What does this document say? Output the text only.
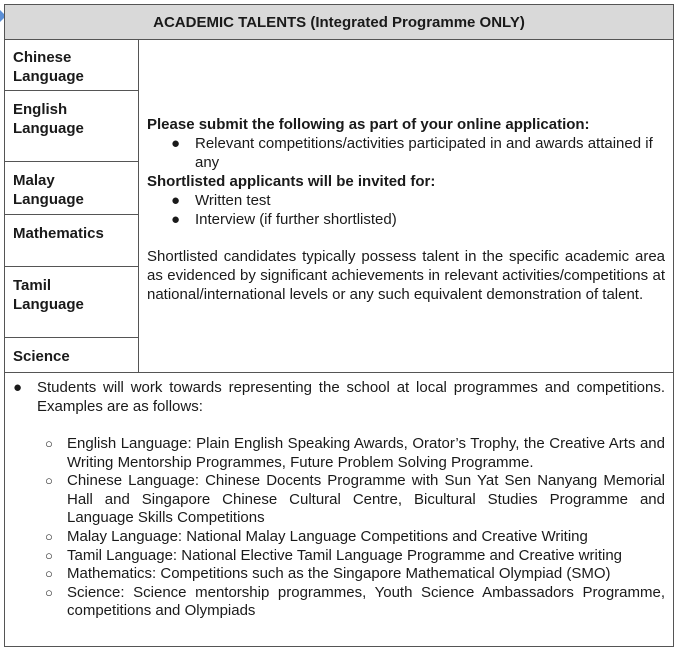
ACADEMIC TALENTS (Integrated Programme ONLY)
Chinese
Language
English
Language
Malay
Language
Mathematics
Tamil
Language
Science
Please submit the following as part of your online application:
● Relevant competitions/activities participated in and awards attained if any
Shortlisted applicants will be invited for:
● Written test
● Interview (if further shortlisted)
Shortlisted candidates typically possess talent in the specific academic area as evidenced by significant achievements in relevant activities/competitions at national/international levels or any such equivalent demonstration of talent.
● Students will work towards representing the school at local programmes and competitions. Examples are as follows:
○ English Language: Plain English Speaking Awards, Orator’s Trophy, the Creative Arts and Writing Mentorship Programmes, Future Problem Solving Programme.
○ Chinese Language: Chinese Docents Programme with Sun Yat Sen Nanyang Memorial Hall and Singapore Chinese Cultural Centre, Bicultural Studies Programme and Language Skills Competitions
○ Malay Language: National Malay Language Competitions and Creative Writing
○ Tamil Language: National Elective Tamil Language Programme and Creative writing
○ Mathematics: Competitions such as the Singapore Mathematical Olympiad (SMO)
○ Science: Science mentorship programmes, Youth Science Ambassadors Programme, competitions and Olympiads
